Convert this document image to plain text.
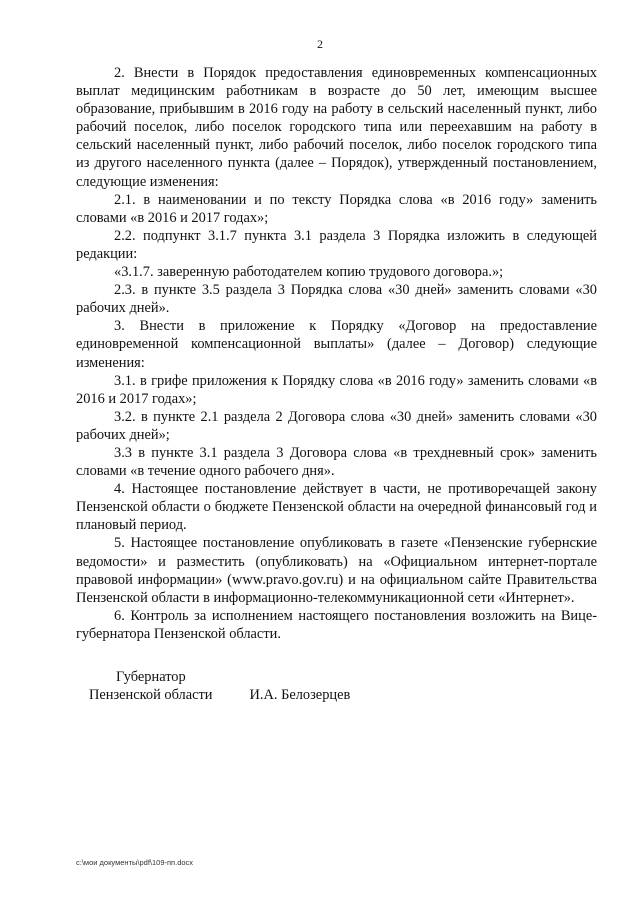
2

2. Внести в Порядок предоставления единовременных компенсационных выплат медицинским работникам в возрасте до 50 лет, имеющим высшее образование, прибывшим в 2016 году на работу в сельский населенный пункт, либо рабочий поселок, либо поселок городского типа или переехавшим на работу в сельский населенный пункт, либо рабочий поселок, либо поселок городского типа из другого населенного пункта (далее – Порядок), утвержденный постановлением, следующие изменения:

2.1. в наименовании и по тексту Порядка слова «в 2016 году» заменить словами «в 2016 и 2017 годах»;

2.2. подпункт 3.1.7 пункта 3.1 раздела 3 Порядка изложить в следующей редакции:

«3.1.7. заверенную работодателем копию трудового договора.»;

2.3. в пункте 3.5 раздела 3 Порядка слова «30 дней» заменить словами «30 рабочих дней».

3. Внести в приложение к Порядку «Договор на предоставление единовременной компенсационной выплаты» (далее – Договор) следующие изменения:

3.1. в грифе приложения к Порядку слова «в 2016 году» заменить словами «в 2016 и 2017 годах»;

3.2. в пункте 2.1 раздела 2 Договора слова «30 дней» заменить словами «30 рабочих дней»;

3.3 в пункте 3.1 раздела 3 Договора слова «в трехдневный срок» заменить словами «в течение одного рабочего дня».

4. Настоящее постановление действует в части, не противоречащей закону Пензенской области о бюджете Пензенской области на очередной финансовый год и плановый период.

5. Настоящее постановление опубликовать в газете «Пензенские губернские ведомости» и разместить (опубликовать) на «Официальном интернет-портале правовой информации» (www.pravo.gov.ru) и на официальном сайте Правительства Пензенской области в информационно-телекоммуникационной сети «Интернет».

6. Контроль за исполнением настоящего постановления возложить на Вице-губернатора Пензенской области.

Губернатор
Пензенской области	И.А. Белозерцев
c:\мои документы\pdf\109-пп.docx
